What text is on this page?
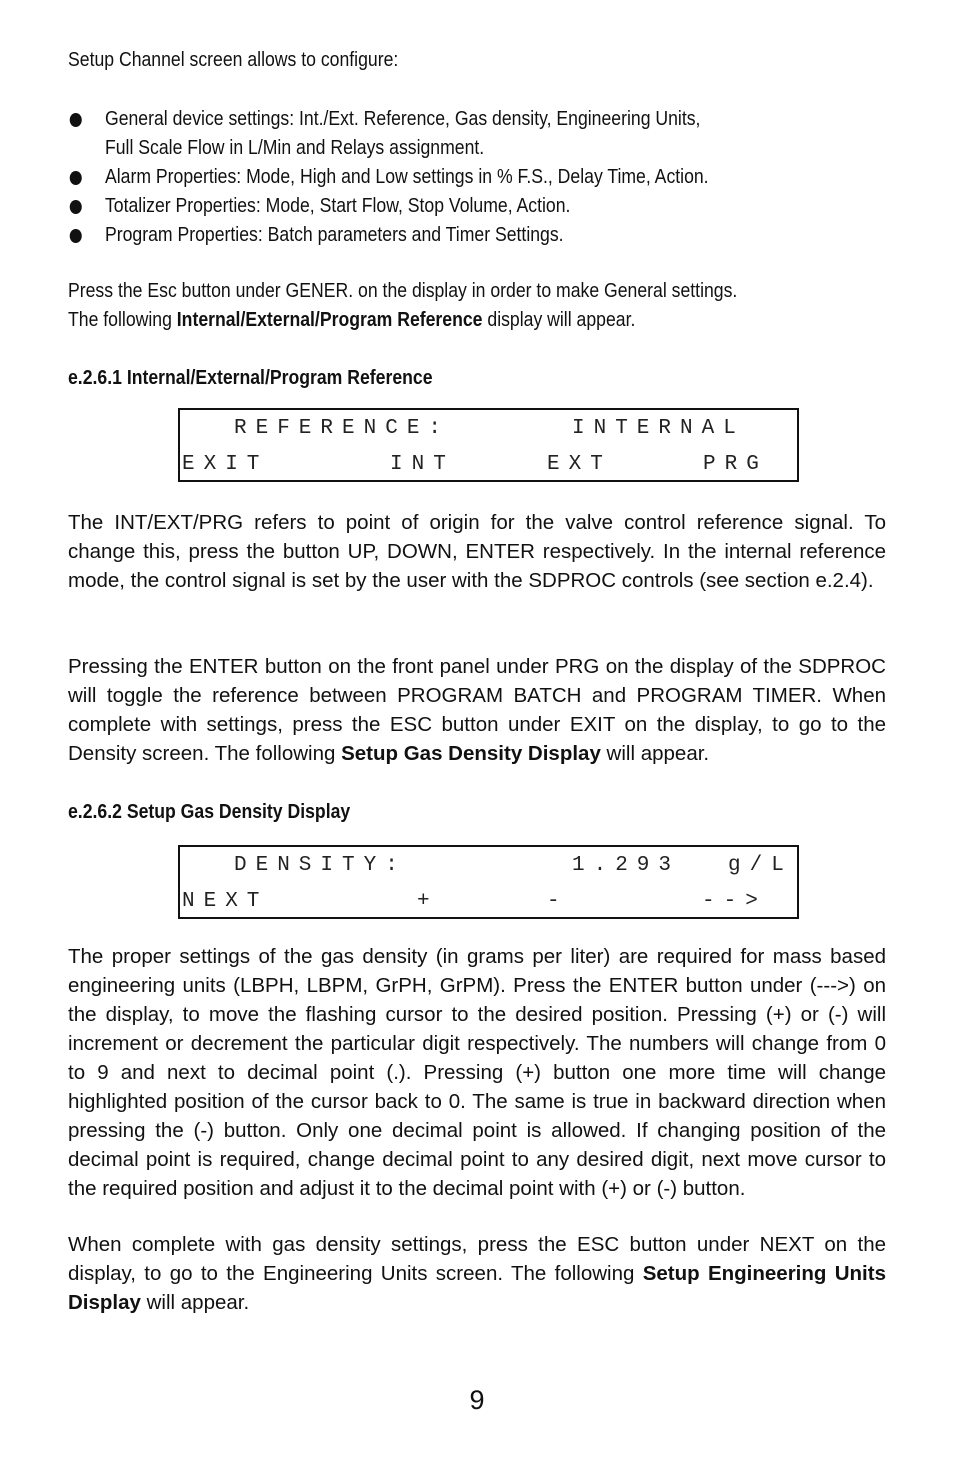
Setup Channel screen allows to configure:
General device settings: Int./Ext. Reference, Gas density, Engineering Units,
Full Scale Flow in L/Min and Relays assignment.
Alarm Properties: Mode, High and Low settings in % F.S., Delay Time, Action.
Totalizer Properties: Mode, Start Flow, Stop Volume, Action.
Program Properties: Batch parameters and Timer Settings.
Press the Esc button under GENER. on the display in order to make General settings.
The following Internal/External/Program Reference display will appear.
e.2.6.1 Internal/External/Program Reference
REFERENCE:	INTERNAL
EXIT	INT	EXT	PRG
The INT/EXT/PRG refers to point of origin for the valve control reference signal. To change this, press the button UP, DOWN, ENTER respectively. In the internal reference mode, the control signal is set by the user with the SDPROC controls (see section e.2.4).
Pressing the ENTER button on the front panel under PRG on the display of the SDPROC will toggle the reference between PROGRAM BATCH and PROGRAM TIMER. When complete with settings, press the ESC button under EXIT on the display, to go to the Density screen. The following Setup Gas Density Display will appear.
e.2.6.2 Setup Gas Density Display
DENSITY:	1.293 g/L
NEXT	+	-	-->
The proper settings of the gas density (in grams per liter) are required for mass based engineering units (LBPH, LBPM, GrPH, GrPM). Press the ENTER button under (--->) on the display, to move the flashing cursor to the desired position. Pressing (+) or (-) will increment or decrement the particular digit respectively. The numbers will change from 0 to 9 and next to decimal point (.). Pressing (+) button one more time will change highlighted position of the cursor back to 0. The same is true in backward direction when pressing the (-) button. Only one decimal point is allowed. If changing position of the decimal point is required, change decimal point to any desired digit, next move cursor to the required position and adjust it to the decimal point with (+) or (-) button.
When complete with gas density settings, press the ESC button under NEXT on the display, to go to the Engineering Units screen. The following Setup Engineering Units Display will appear.
9
